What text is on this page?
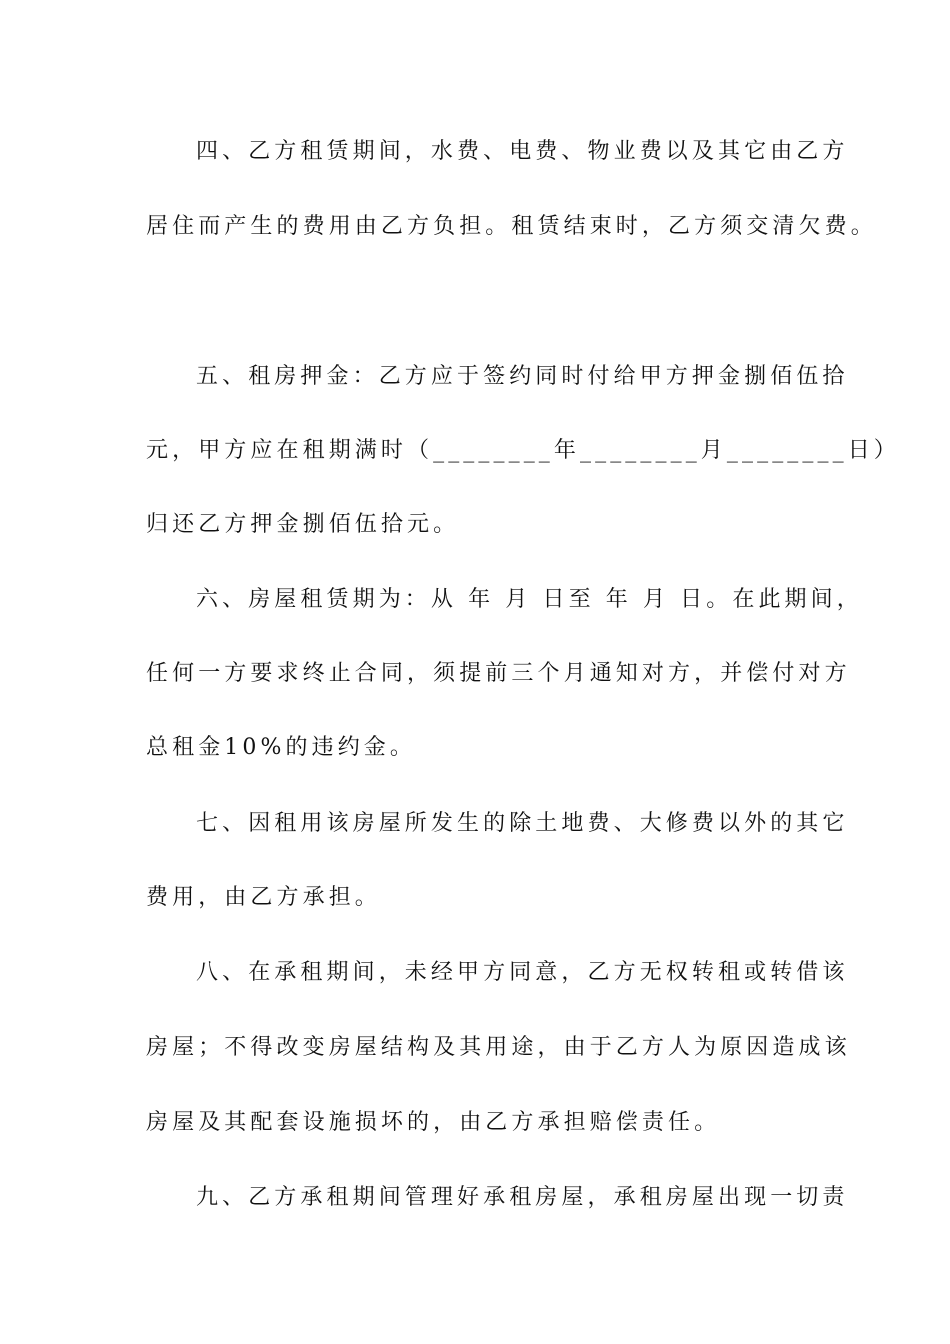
四、乙方租赁期间，水费、电费、物业费以及其它由乙方
居住而产生的费用由乙方负担。租赁结束时，乙方须交清欠费。
五、租房押金：乙方应于签约同时付给甲方押金捌佰伍拾
元，甲方应在租期满时（________年________月________日）
归还乙方押金捌佰伍拾元。
六、房屋租赁期为：从 年 月 日至 年 月 日。在此期间，
任何一方要求终止合同，须提前三个月通知对方，并偿付对方
总租金10%的违约金。
七、因租用该房屋所发生的除土地费、大修费以外的其它
费用，由乙方承担。
八、在承租期间，未经甲方同意，乙方无权转租或转借该
房屋；不得改变房屋结构及其用途，由于乙方人为原因造成该
房屋及其配套设施损坏的，由乙方承担赔偿责任。
九、乙方承租期间管理好承租房屋，承租房屋出现一切责
